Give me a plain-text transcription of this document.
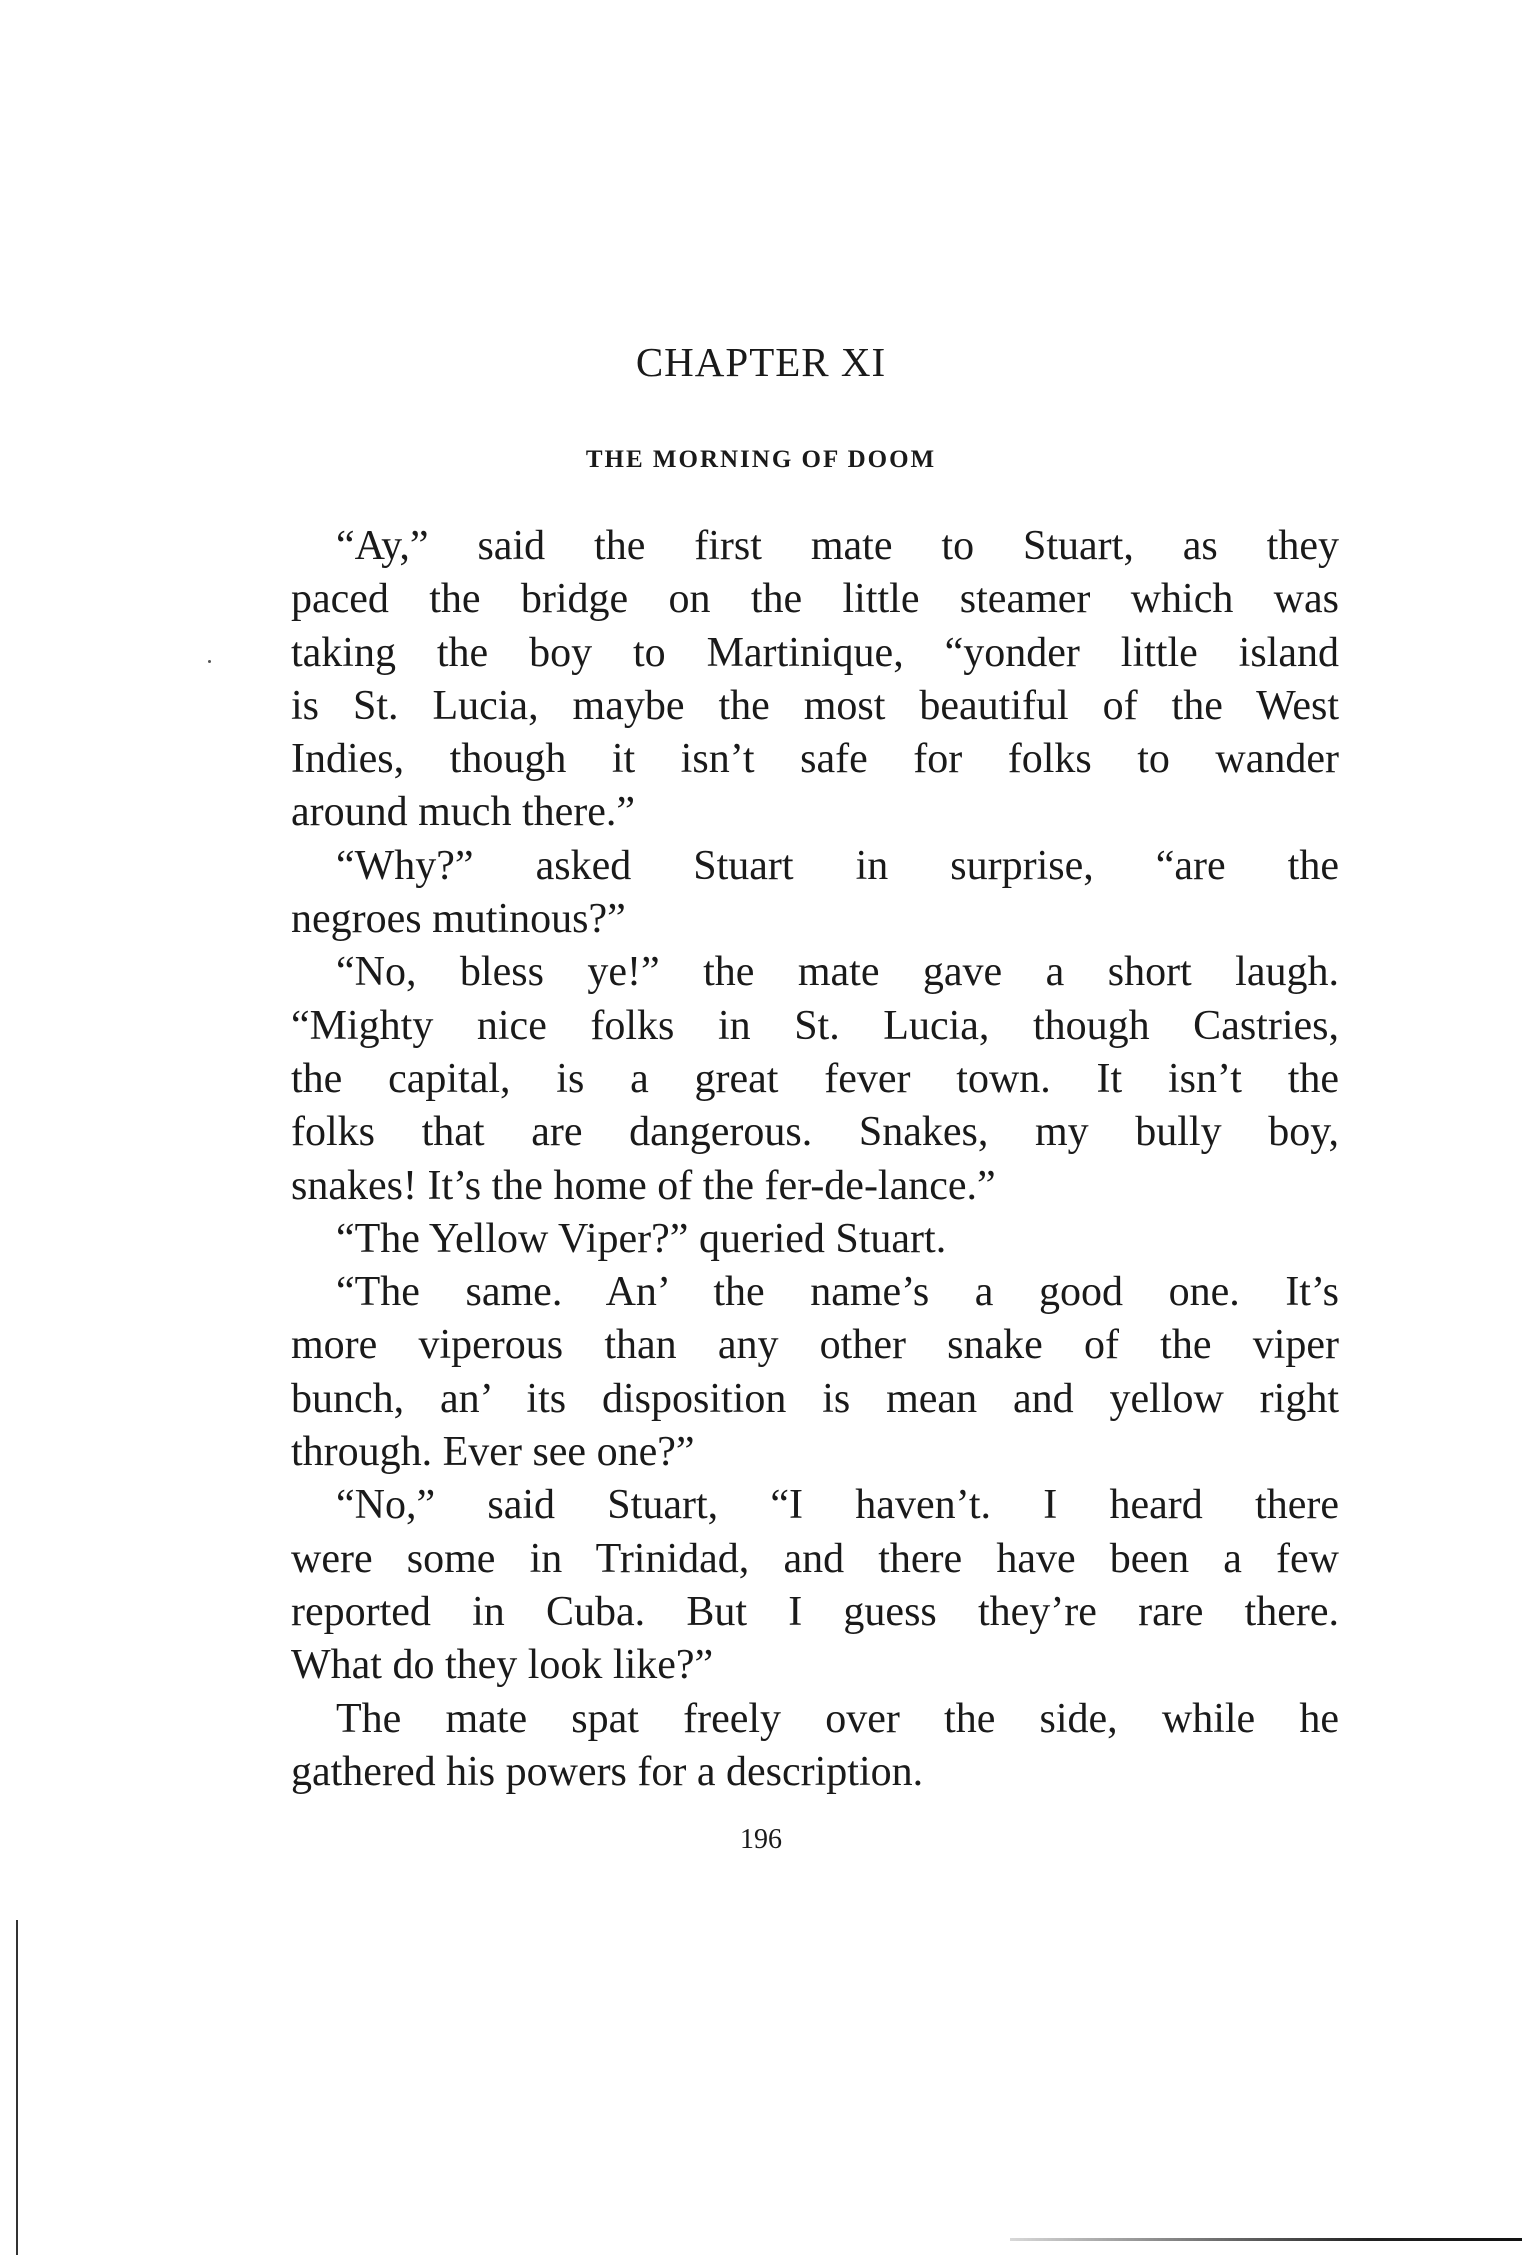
CHAPTER XI
THE MORNING OF DOOM
“Ay,” said the first mate to Stuart, as they
paced the bridge on the little steamer which was
taking the boy to Martinique, “yonder little island
is St. Lucia, maybe the most beautiful of the West
Indies, though it isn’t safe for folks to wander
around much there.”
“Why?” asked Stuart in surprise, “are the
negroes mutinous?”
“No, bless ye!” the mate gave a short laugh.
“Mighty nice folks in St. Lucia, though Castries,
the capital, is a great fever town. It isn’t the
folks that are dangerous. Snakes, my bully boy,
snakes! It’s the home of the fer-de-lance.”
“The Yellow Viper?” queried Stuart.
“The same. An’ the name’s a good one. It’s
more viperous than any other snake of the viper
bunch, an’ its disposition is mean and yellow right
through. Ever see one?”
“No,” said Stuart, “I haven’t. I heard there
were some in Trinidad, and there have been a few
reported in Cuba. But I guess they’re rare there.
What do they look like?”
The mate spat freely over the side, while he
gathered his powers for a description.

196
